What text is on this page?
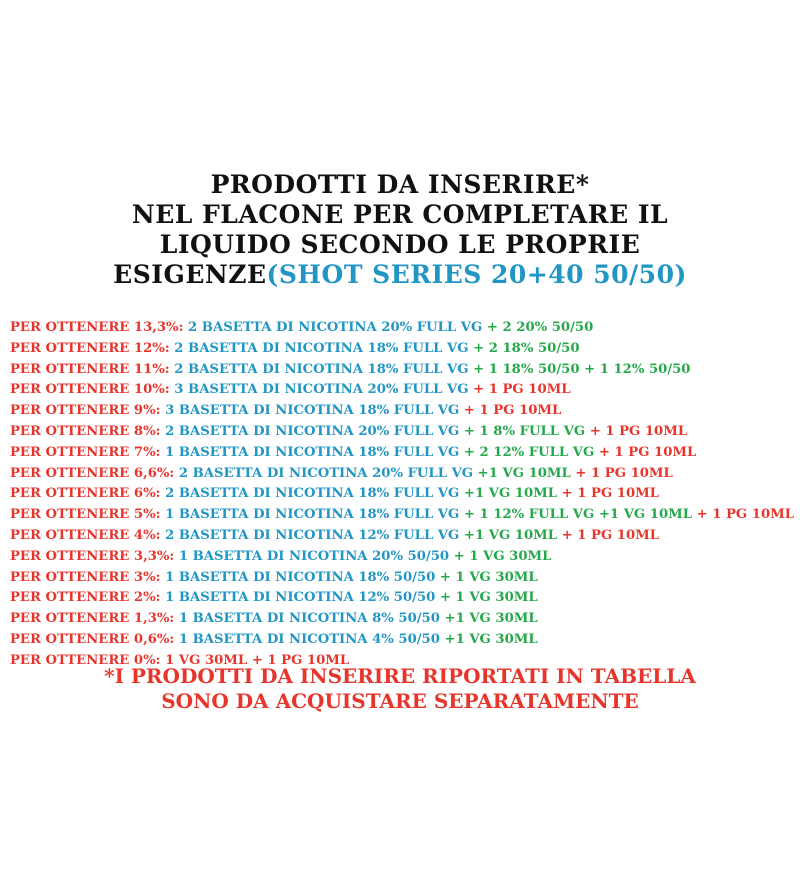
PRODOTTI DA INSERIRE*
NEL FLACONE PER COMPLETARE IL
LIQUIDO SECONDO LE PROPRIE
ESIGENZE(SHOT SERIES 20+40 50/50)
PER OTTENERE 13,3%: 2 BASETTA DI NICOTINA 20% FULL VG + 2 20% 50/50
PER OTTENERE 12%: 2 BASETTA DI NICOTINA 18% FULL VG + 2 18% 50/50
PER OTTENERE 11%: 2 BASETTA DI NICOTINA 18% FULL VG + 1 18% 50/50 + 1 12% 50/50
PER OTTENERE 10%: 3 BASETTA DI NICOTINA 20% FULL VG + 1 PG 10ML
PER OTTENERE 9%: 3 BASETTA DI NICOTINA 18% FULL VG + 1 PG 10ML
PER OTTENERE 8%: 2 BASETTA DI NICOTINA 20% FULL VG + 1 8% FULL VG + 1 PG 10ML
PER OTTENERE 7%: 1 BASETTA DI NICOTINA 18% FULL VG + 2 12% FULL VG + 1 PG 10ML
PER OTTENERE 6,6%: 2 BASETTA DI NICOTINA 20% FULL VG +1 VG 10ML + 1 PG 10ML
PER OTTENERE 6%: 2 BASETTA DI NICOTINA 18% FULL VG +1 VG 10ML + 1 PG 10ML
PER OTTENERE 5%: 1 BASETTA DI NICOTINA 18% FULL VG + 1 12% FULL VG +1 VG 10ML + 1 PG 10ML
PER OTTENERE 4%: 2 BASETTA DI NICOTINA 12% FULL VG +1 VG 10ML + 1 PG 10ML
PER OTTENERE 3,3%: 1 BASETTA DI NICOTINA 20% 50/50 + 1 VG 30ML
PER OTTENERE 3%: 1 BASETTA DI NICOTINA 18% 50/50 + 1 VG 30ML
PER OTTENERE 2%: 1 BASETTA DI NICOTINA 12% 50/50 + 1 VG 30ML
PER OTTENERE 1,3%: 1 BASETTA DI NICOTINA 8% 50/50 +1 VG 30ML
PER OTTENERE 0,6%: 1 BASETTA DI NICOTINA 4% 50/50 +1 VG 30ML
PER OTTENERE 0%: 1 VG 30ML + 1 PG 10ML
*I PRODOTTI DA INSERIRE RIPORTATI IN TABELLA
SONO DA ACQUISTARE SEPARATAMENTE
